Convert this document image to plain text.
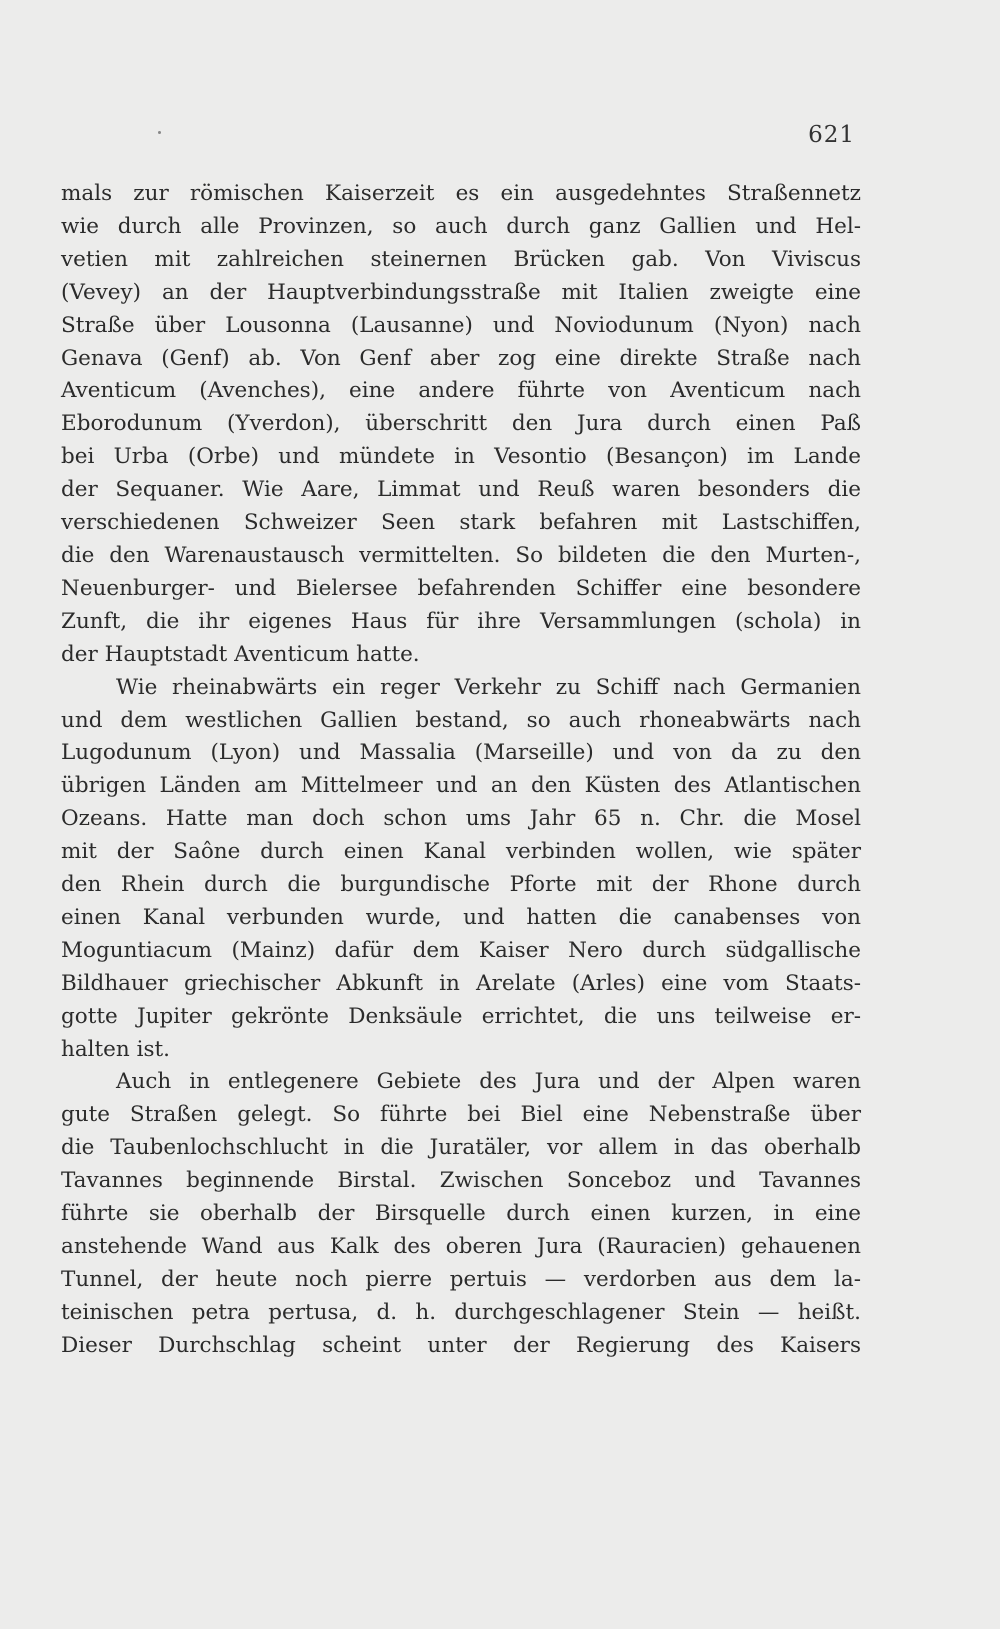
621
mals zur römischen Kaiserzeit es ein ausgedehntes Straßennetz
wie durch alle Provinzen, so auch durch ganz Gallien und Hel-
vetien mit zahlreichen steinernen Brücken gab. Von Viviscus
(Vevey) an der Hauptverbindungsstraße mit Italien zweigte eine
Straße über Lousonna (Lausanne) und Noviodunum (Nyon) nach
Genava (Genf) ab. Von Genf aber zog eine direkte Straße nach
Aventicum (Avenches), eine andere führte von Aventicum nach
Eborodunum (Yverdon), überschritt den Jura durch einen Paß
bei Urba (Orbe) und mündete in Vesontio (Besançon) im Lande
der Sequaner. Wie Aare, Limmat und Reuß waren besonders die
verschiedenen Schweizer Seen stark befahren mit Lastschiffen,
die den Warenaustausch vermittelten. So bildeten die den Murten-,
Neuenburger- und Bielersee befahrenden Schiffer eine besondere
Zunft, die ihr eigenes Haus für ihre Versammlungen (schola) in
der Hauptstadt Aventicum hatte.
Wie rheinabwärts ein reger Verkehr zu Schiff nach Germanien
und dem westlichen Gallien bestand, so auch rhoneabwärts nach
Lugodunum (Lyon) und Massalia (Marseille) und von da zu den
übrigen Länden am Mittelmeer und an den Küsten des Atlantischen
Ozeans. Hatte man doch schon ums Jahr 65 n. Chr. die Mosel
mit der Saône durch einen Kanal verbinden wollen, wie später
den Rhein durch die burgundische Pforte mit der Rhone durch
einen Kanal verbunden wurde, und hatten die canabenses von
Moguntiacum (Mainz) dafür dem Kaiser Nero durch südgallische
Bildhauer griechischer Abkunft in Arelate (Arles) eine vom Staats-
gotte Jupiter gekrönte Denksäule errichtet, die uns teilweise er-
halten ist.
Auch in entlegenere Gebiete des Jura und der Alpen waren
gute Straßen gelegt. So führte bei Biel eine Nebenstraße über
die Taubenlochschlucht in die Juratäler, vor allem in das oberhalb
Tavannes beginnende Birstal. Zwischen Sonceboz und Tavannes
führte sie oberhalb der Birsquelle durch einen kurzen, in eine
anstehende Wand aus Kalk des oberen Jura (Rauracien) gehauenen
Tunnel, der heute noch pierre pertuis — verdorben aus dem la-
teinischen petra pertusa, d. h. durchgeschlagener Stein — heißt.
Dieser Durchschlag scheint unter der Regierung des Kaisers
